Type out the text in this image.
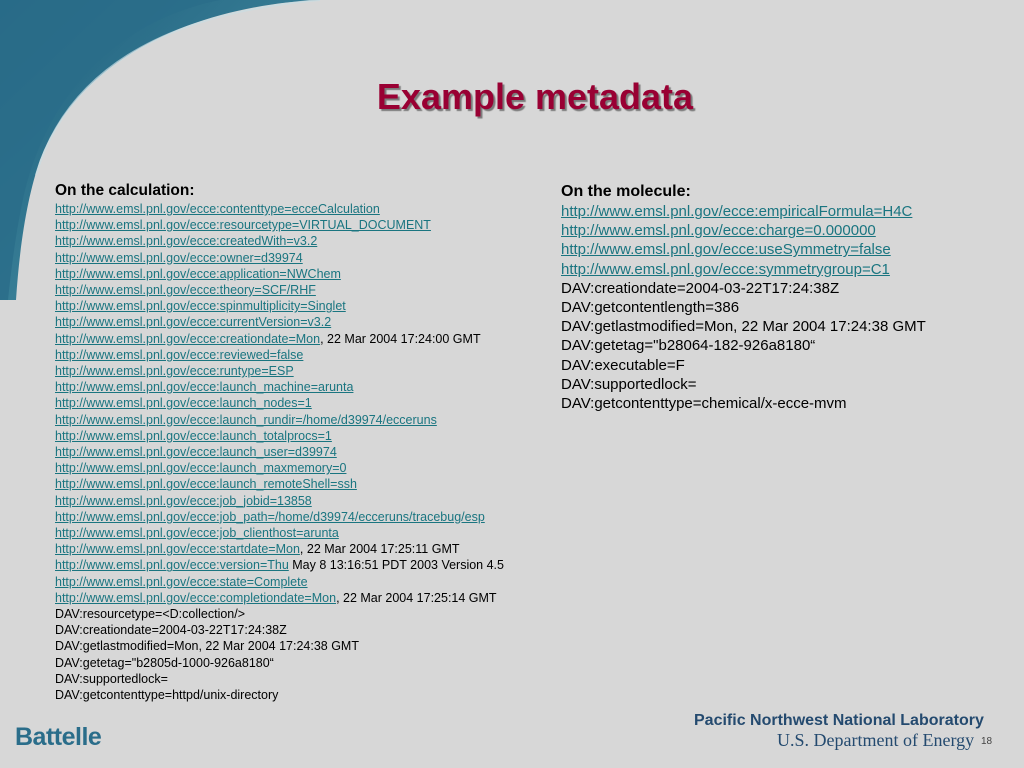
Example metadata
On the calculation:
http://www.emsl.pnl.gov/ecce:contenttype=ecceCalculation
http://www.emsl.pnl.gov/ecce:resourcetype=VIRTUAL_DOCUMENT
http://www.emsl.pnl.gov/ecce:createdWith=v3.2
http://www.emsl.pnl.gov/ecce:owner=d39974
http://www.emsl.pnl.gov/ecce:application=NWChem
http://www.emsl.pnl.gov/ecce:theory=SCF/RHF
http://www.emsl.pnl.gov/ecce:spinmultiplicity=Singlet
http://www.emsl.pnl.gov/ecce:currentVersion=v3.2
http://www.emsl.pnl.gov/ecce:creationdate=Mon, 22 Mar 2004 17:24:00 GMT
http://www.emsl.pnl.gov/ecce:reviewed=false
http://www.emsl.pnl.gov/ecce:runtype=ESP
http://www.emsl.pnl.gov/ecce:launch_machine=arunta
http://www.emsl.pnl.gov/ecce:launch_nodes=1
http://www.emsl.pnl.gov/ecce:launch_rundir=/home/d39974/ecceruns
http://www.emsl.pnl.gov/ecce:launch_totalprocs=1
http://www.emsl.pnl.gov/ecce:launch_user=d39974
http://www.emsl.pnl.gov/ecce:launch_maxmemory=0
http://www.emsl.pnl.gov/ecce:launch_remoteShell=ssh
http://www.emsl.pnl.gov/ecce:job_jobid=13858
http://www.emsl.pnl.gov/ecce:job_path=/home/d39974/ecceruns/tracebug/esp
http://www.emsl.pnl.gov/ecce:job_clienthost=arunta
http://www.emsl.pnl.gov/ecce:startdate=Mon, 22 Mar 2004 17:25:11 GMT
http://www.emsl.pnl.gov/ecce:version=Thu May 8 13:16:51 PDT 2003 Version 4.5
http://www.emsl.pnl.gov/ecce:state=Complete
http://www.emsl.pnl.gov/ecce:completiondate=Mon, 22 Mar 2004 17:25:14 GMT
DAV:resourcetype=<D:collection/>
DAV:creationdate=2004-03-22T17:24:38Z
DAV:getlastmodified=Mon, 22 Mar 2004 17:24:38 GMT
DAV:getetag="b2805d-1000-926a8180“
DAV:supportedlock=
DAV:getcontenttype=httpd/unix-directory
On the molecule:
http://www.emsl.pnl.gov/ecce:empiricalFormula=H4C
http://www.emsl.pnl.gov/ecce:charge=0.000000
http://www.emsl.pnl.gov/ecce:useSymmetry=false
http://www.emsl.pnl.gov/ecce:symmetrygroup=C1
DAV:creationdate=2004-03-22T17:24:38Z
DAV:getcontentlength=386
DAV:getlastmodified=Mon, 22 Mar 2004 17:24:38 GMT
DAV:getetag="b28064-182-926a8180“
DAV:executable=F
DAV:supportedlock=
DAV:getcontenttype=chemical/x-ecce-mvm
Battelle
Pacific Northwest National Laboratory
U.S. Department of Energy 18
